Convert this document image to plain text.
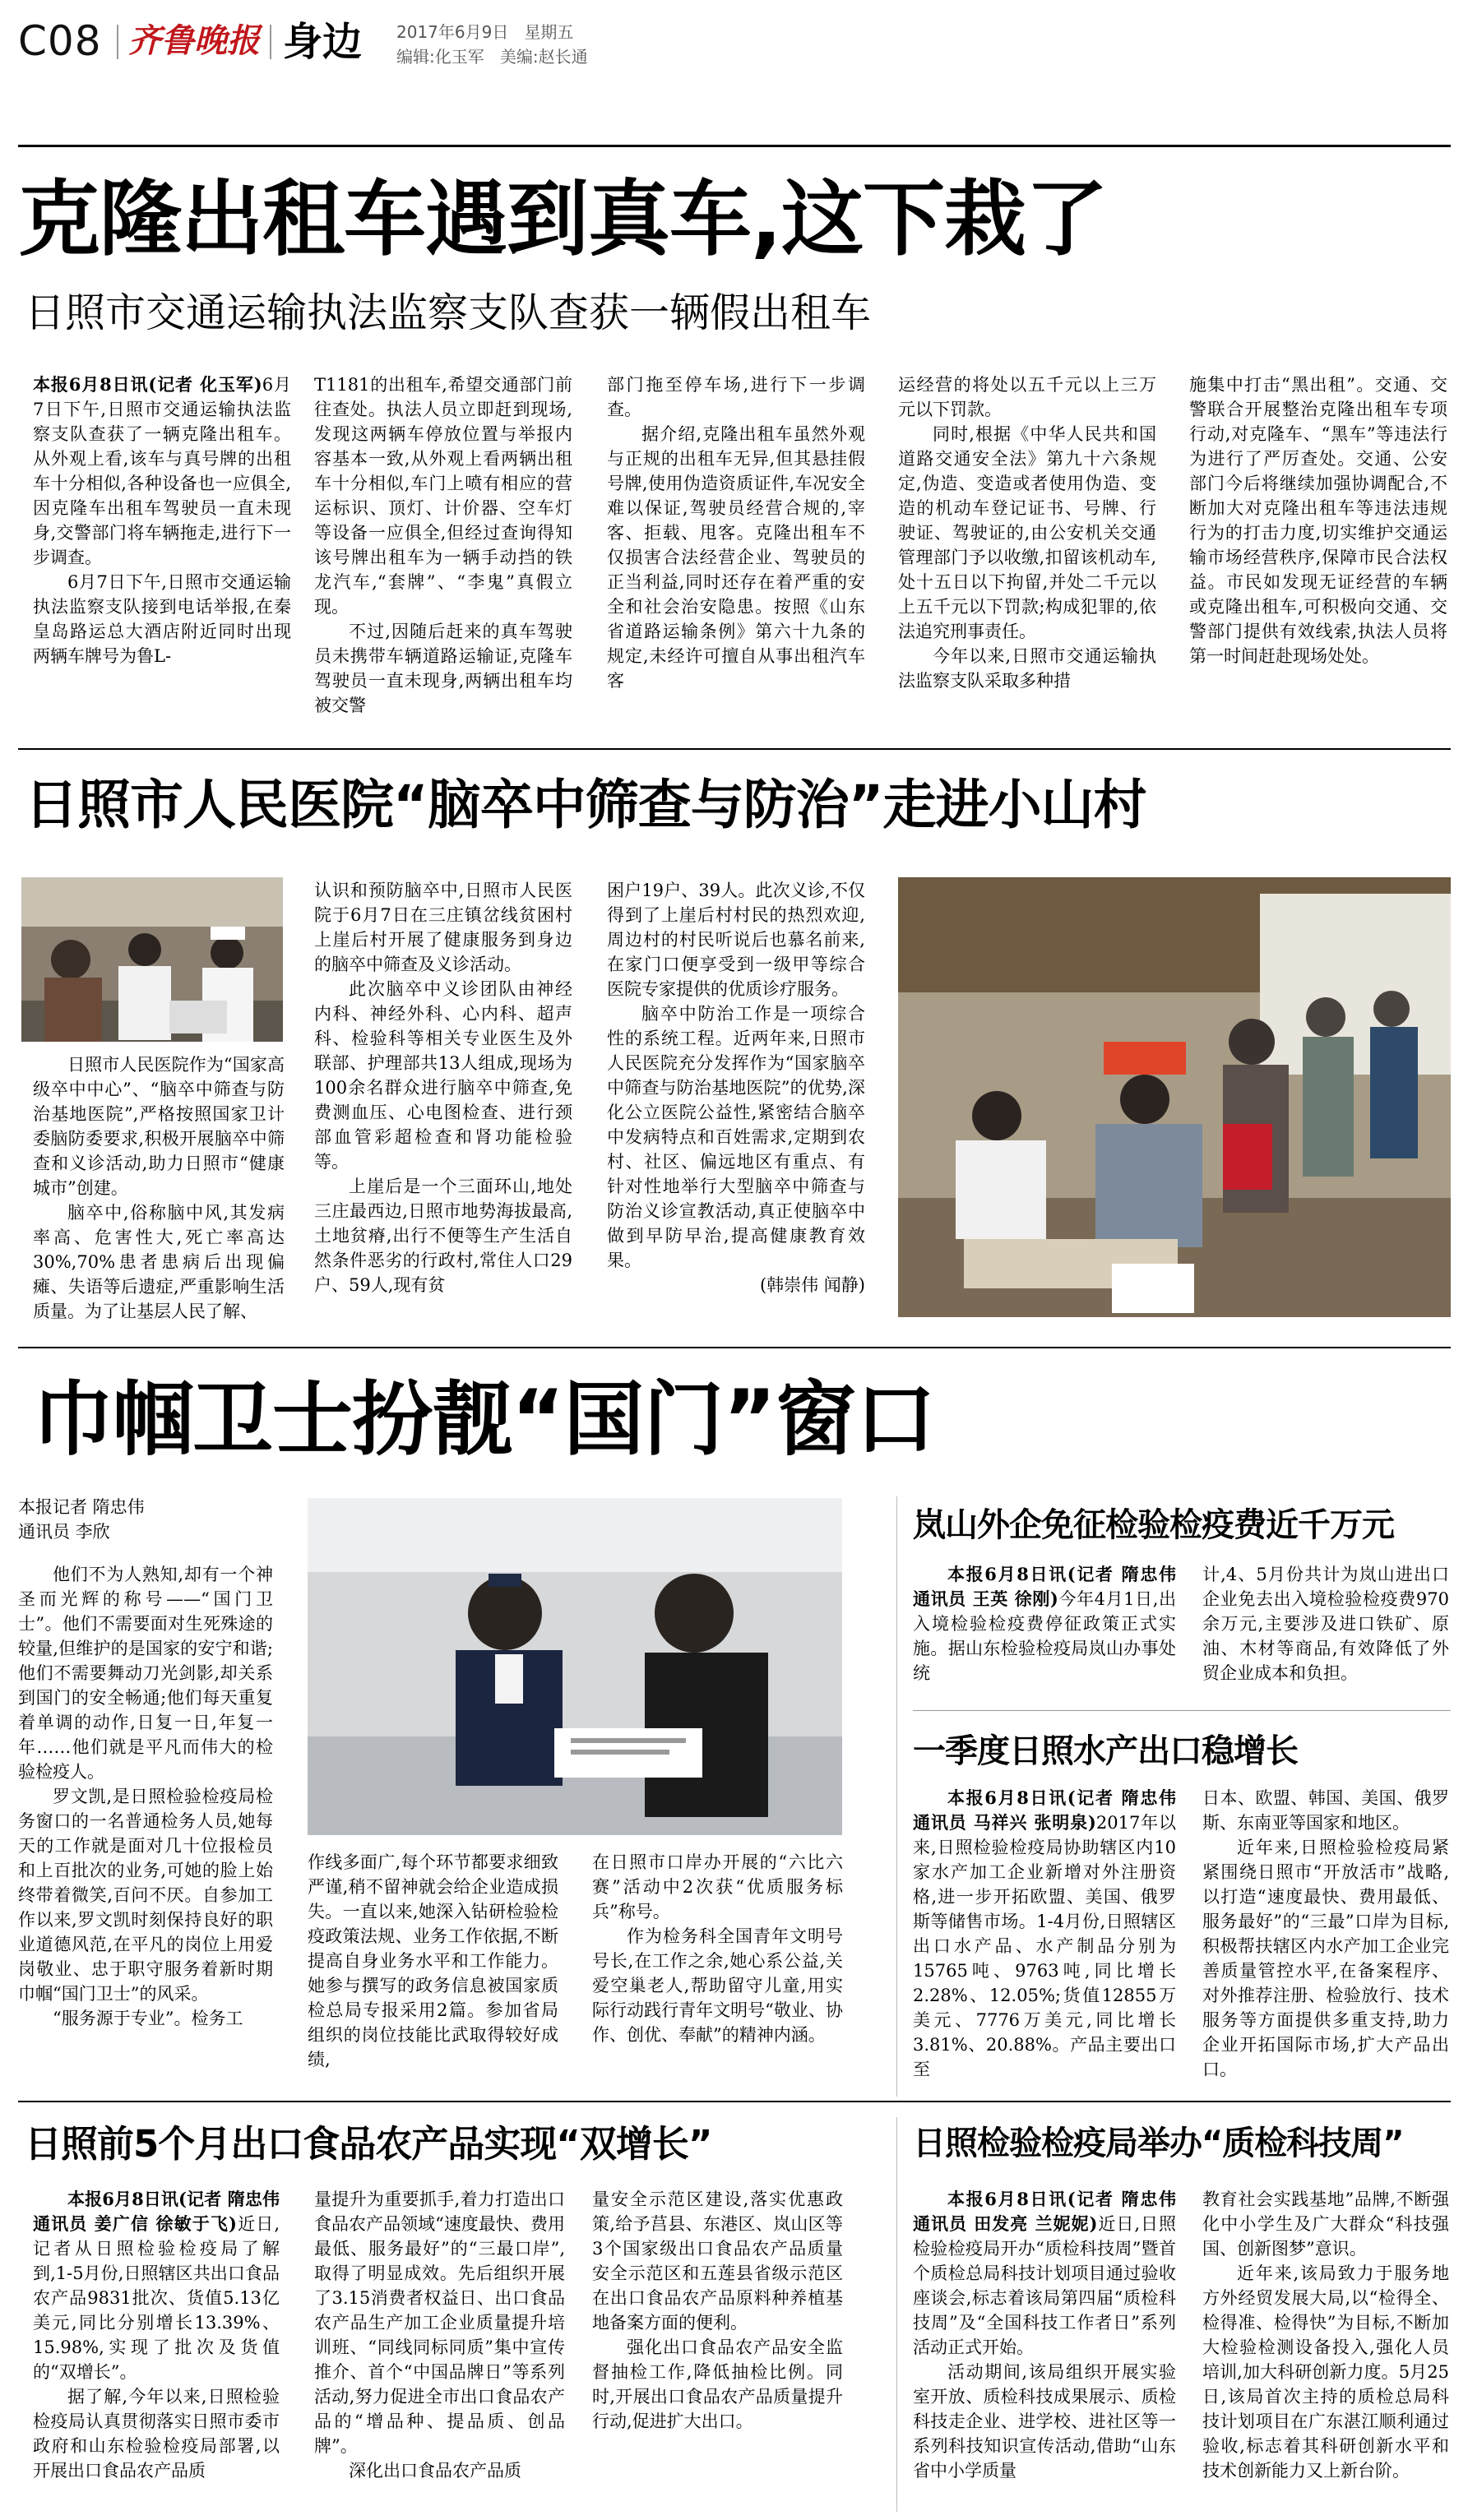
C08 齐鲁晚报 身边 2017年6月9日 星期五
编辑:化玉军 美编:赵长通
克隆出租车遇到真车,这下栽了
日照市交通运输执法监察支队查获一辆假出租车

本报6月8日讯(记者 化玉军)6月7日下午,日照市交通运输执法监察支队查获了一辆克隆出租车。从外观上看,该车与真号牌的出租车十分相似,各种设备也一应俱全,因克隆车出租车驾驶员一直未现身,交警部门将车辆拖走,进行下一步调查。

6月7日下午,日照市交通运输执法监察支队接到电话举报,在秦皇岛路运总大酒店附近同时出现两辆车牌号为鲁L-

T1181的出租车,希望交通部门前往查处。执法人员立即赶到现场,发现这两辆车停放位置与举报内容基本一致,从外观上看两辆出租车十分相似,车门上喷有相应的营运标识、顶灯、计价器、空车灯等设备一应俱全,但经过查询得知该号牌出租车为一辆手动挡的铁龙汽车,“套牌”、“李鬼”真假立现。

不过,因随后赶来的真车驾驶员未携带车辆道路运输证,克隆车驾驶员一直未现身,两辆出租车均被交警

部门拖至停车场,进行下一步调查。

据介绍,克隆出租车虽然外观与正规的出租车无异,但其悬挂假号牌,使用伪造资质证件,车况安全难以保证,驾驶员经营合规的,宰客、拒载、甩客。克隆出租车不仅损害合法经营企业、驾驶员的正当利益,同时还存在着严重的安全和社会治安隐患。按照《山东省道路运输条例》第六十九条的规定,未经许可擅自从事出租汽车客

运经营的将处以五千元以上三万元以下罚款。

同时,根据《中华人民共和国道路交通安全法》第九十六条规定,伪造、变造或者使用伪造、变造的机动车登记证书、号牌、行驶证、驾驶证的,由公安机关交通管理部门予以收缴,扣留该机动车,处十五日以下拘留,并处二千元以上五千元以下罚款;构成犯罪的,依法追究刑事责任。

今年以来,日照市交通运输执法监察支队采取多种措

施集中打击“黑出租”。交通、交警联合开展整治克隆出租车专项行动,对克隆车、“黑车”等违法行为进行了严厉查处。交通、公安部门今后将继续加强协调配合,不断加大对克隆出租车等违法违规行为的打击力度,切实维护交通运输市场经营秩序,保障市民合法权益。市民如发现无证经营的车辆或克隆出租车,可积极向交通、交警部门提供有效线索,执法人员将第一时间赶赴现场处处。

日照市人民医院“脑卒中筛查与防治”走进小山村

日照市人民医院作为“国家高级卒中中心”、“脑卒中筛查与防治基地医院”,严格按照国家卫计委脑防委要求,积极开展脑卒中筛查和义诊活动,助力日照市“健康城市”创建。

脑卒中,俗称脑中风,其发病率高、危害性大,死亡率高达30%,70%患者患病后出现偏瘫、失语等后遗症,严重影响生活质量。为了让基层人民了解、

认识和预防脑卒中,日照市人民医院于6月7日在三庄镇岔线贫困村上崖后村开展了健康服务到身边的脑卒中筛查及义诊活动。

此次脑卒中义诊团队由神经内科、神经外科、心内科、超声科、检验科等相关专业医生及外联部、护理部共13人组成,现场为100余名群众进行脑卒中筛查,免费测血压、心电图检查、进行颈部血管彩超检查和肾功能检验等。

上崖后是一个三面环山,地处三庄最西边,日照市地势海拔最高,土地贫瘠,出行不便等生产生活自然条件恶劣的行政村,常住人口29户、59人,现有贫

困户19户、39人。此次义诊,不仅得到了上崖后村村民的热烈欢迎,周边村的村民听说后也慕名前来,在家门口便享受到一级甲等综合医院专家提供的优质诊疗服务。

脑卒中防治工作是一项综合性的系统工程。近两年来,日照市人民医院充分发挥作为“国家脑卒中筛查与防治基地医院”的优势,深化公立医院公益性,紧密结合脑卒中发病特点和百姓需求,定期到农村、社区、偏远地区有重点、有针对性地举行大型脑卒中筛查与防治义诊宣教活动,真正使脑卒中做到早防早治,提高健康教育效果。

(韩崇伟 闻静)

巾帼卫士扮靓“国门”窗口
本报记者 隋忠伟
通讯员 李欣

他们不为人熟知,却有一个神圣而光辉的称号——“国门卫士”。他们不需要面对生死殊途的较量,但维护的是国家的安宁和谐;他们不需要舞动刀光剑影,却关系到国门的安全畅通;他们每天重复着单调的动作,日复一日,年复一年……他们就是平凡而伟大的检验检疫人。

罗文凯,是日照检验检疫局检务窗口的一名普通检务人员,她每天的工作就是面对几十位报检员和上百批次的业务,可她的脸上始终带着微笑,百问不厌。自参加工作以来,罗文凯时刻保持良好的职业道德风范,在平凡的岗位上用爱岗敬业、忠于职守服务着新时期巾帼“国门卫士”的风采。

“服务源于专业”。检务工

作线多面广,每个环节都要求细致严谨,稍不留神就会给企业造成损失。一直以来,她深入钻研检验检疫政策法规、业务工作依据,不断提高自身业务水平和工作能力。她参与撰写的政务信息被国家质检总局专报采用2篇。参加省局组织的岗位技能比武取得较好成绩,

在日照市口岸办开展的“六比六赛”活动中2次获“优质服务标兵”称号。

作为检务科全国青年文明号号长,在工作之余,她心系公益,关爱空巢老人,帮助留守儿童,用实际行动践行青年文明号“敬业、协作、创优、奉献”的精神内涵。

岚山外企免征检验检疫费近千万元

本报6月8日讯(记者 隋忠伟 通讯员 王英 徐刚)今年4月1日,出入境检验检疫费停征政策正式实施。据山东检验检疫局岚山办事处统

计,4、5月份共计为岚山进出口企业免去出入境检验检疫费970余万元,主要涉及进口铁矿、原油、木材等商品,有效降低了外贸企业成本和负担。

一季度日照水产出口稳增长

本报6月8日讯(记者 隋忠伟 通讯员 马祥兴 张明泉)2017年以来,日照检验检疫局协助辖区内10家水产加工企业新增对外注册资格,进一步开拓欧盟、美国、俄罗斯等储售市场。1-4月份,日照辖区出口水产品、水产制品分别为15765吨、9763吨,同比增长2.28%、12.05%;货值12855万美元、7776万美元,同比增长3.81%、20.88%。产品主要出口至

日本、欧盟、韩国、美国、俄罗斯、东南亚等国家和地区。

近年来,日照检验检疫局紧紧围绕日照市“开放活市”战略,以打造“速度最快、费用最低、服务最好”的“三最”口岸为目标,积极帮扶辖区内水产加工企业完善质量管控水平,在备案程序、对外推荐注册、检验放行、技术服务等方面提供多重支持,助力企业开拓国际市场,扩大产品出口。

日照前5个月出口食品农产品实现“双增长”

本报6月8日讯(记者 隋忠伟 通讯员 姜广信 徐敏于飞)近日,记者从日照检验检疫局了解到,1-5月份,日照辖区共出口食品农产品9831批次、货值5.13亿美元,同比分别增长13.39%、15.98%,实现了批次及货值的“双增长”。

据了解,今年以来,日照检验检疫局认真贯彻落实日照市委市政府和山东检验检疫局部署,以开展出口食品农产品质

量提升为重要抓手,着力打造出口食品农产品领域“速度最快、费用最低、服务最好”的“三最口岸”,取得了明显成效。先后组织开展了3.15消费者权益日、出口食品农产品生产加工企业质量提升培训班、“同线同标同质”集中宣传推介、首个“中国品牌日”等系列活动,努力促进全市出口食品农产品的“增品种、提品质、创品牌”。

深化出口食品农产品质

量安全示范区建设,落实优惠政策,给予莒县、东港区、岚山区等3个国家级出口食品农产品质量安全示范区和五莲县省级示范区在出口食品农产品原料种养植基地备案方面的便利。

强化出口食品农产品安全监督抽检工作,降低抽检比例。同时,开展出口食品农产品质量提升行动,促进扩大出口。

日照检验检疫局举办“质检科技周”

本报6月8日讯(记者 隋忠伟 通讯员 田发亮 兰妮妮)近日,日照检验检疫局开办“质检科技周”暨首个质检总局科技计划项目通过验收座谈会,标志着该局第四届“质检科技周”及“全国科技工作者日”系列活动正式开始。

活动期间,该局组织开展实验室开放、质检科技成果展示、质检科技走企业、进学校、进社区等一系列科技知识宣传活动,借助“山东省中小学质量

教育社会实践基地”品牌,不断强化中小学生及广大群众“科技强国、创新图梦”意识。

近年来,该局致力于服务地方外经贸发展大局,以“检得全、检得准、检得快”为目标,不断加大检验检测设备投入,强化人员培训,加大科研创新力度。5月25日,该局首次主持的质检总局科技计划项目在广东湛江顺利通过验收,标志着其科研创新水平和技术创新能力又上新台阶。
